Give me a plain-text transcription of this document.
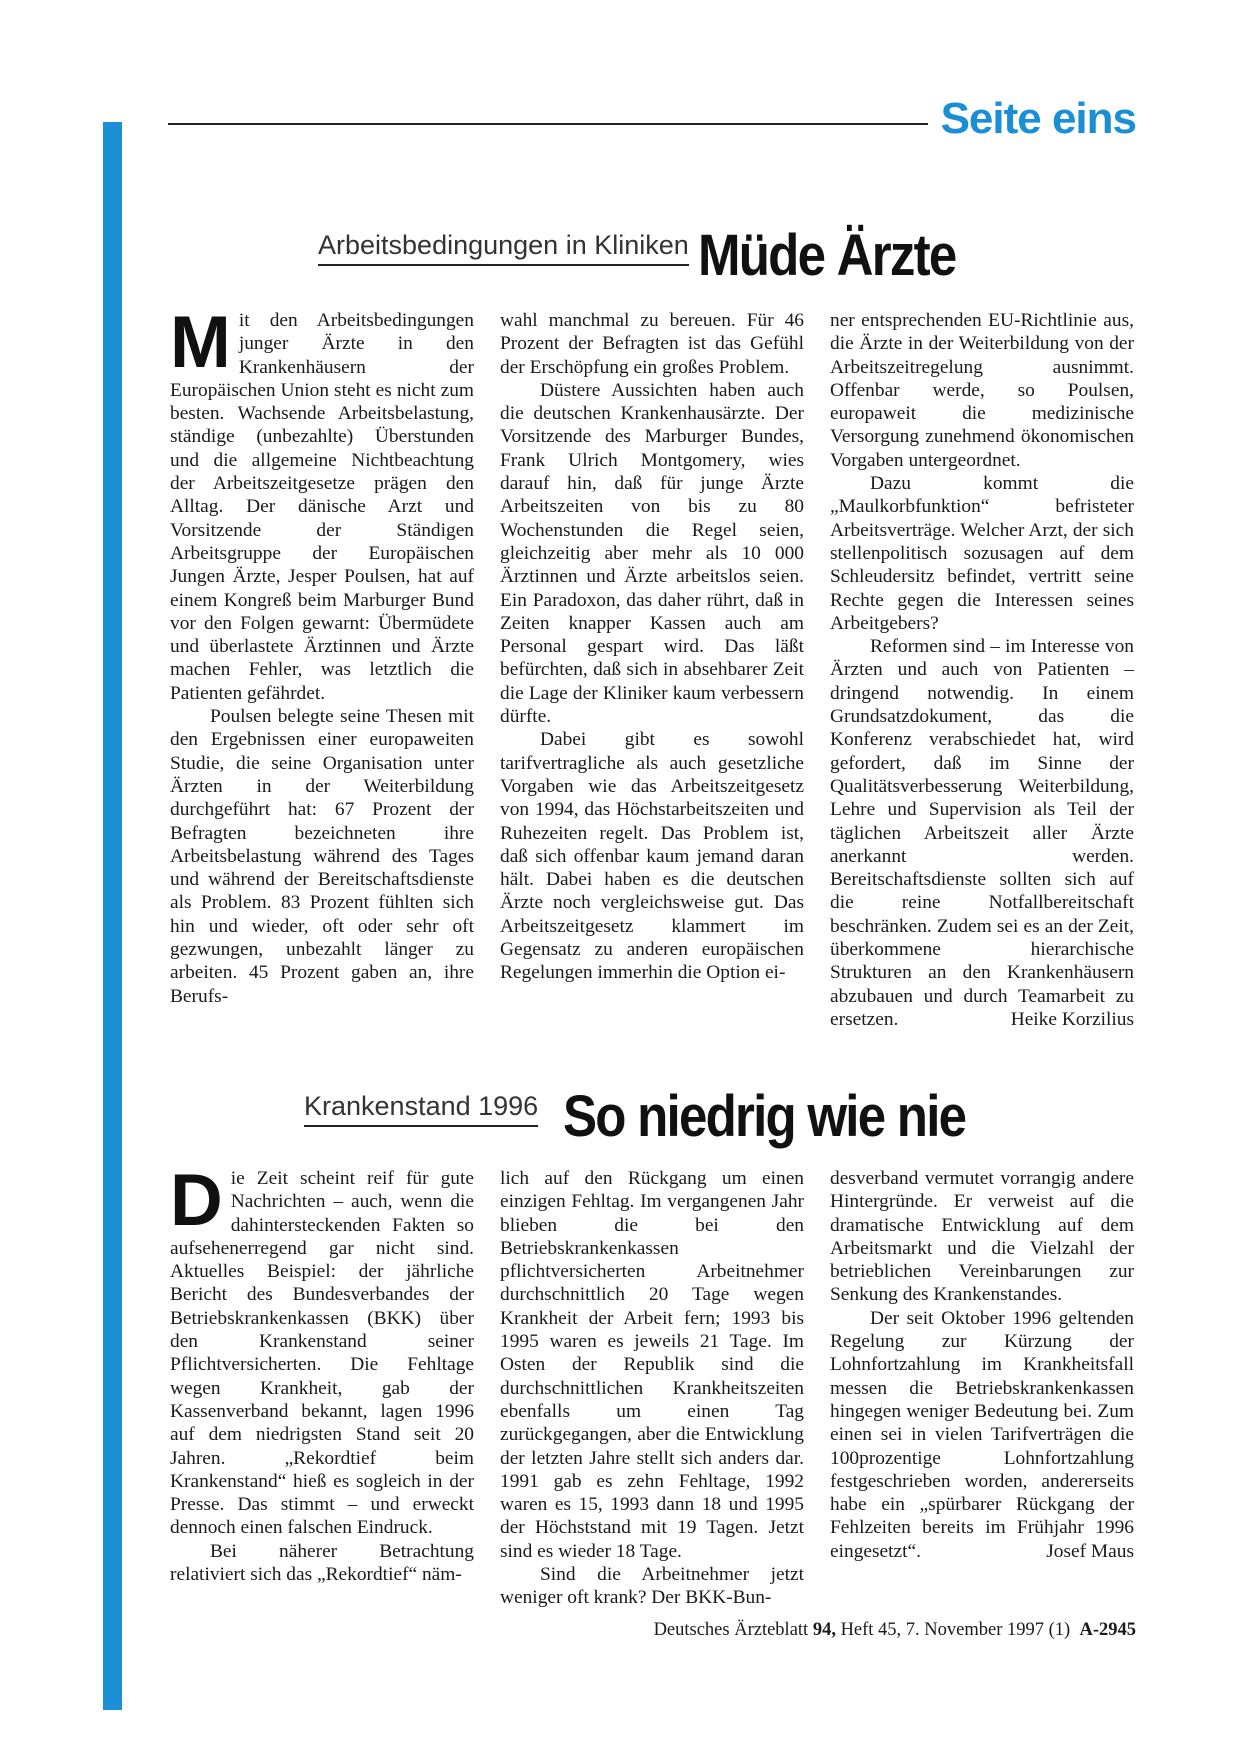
Seite eins
Arbeitsbedingungen in Kliniken Müde Ärzte

Mit den Arbeitsbedingungen junger Ärzte in den Krankenhäusern der Europäischen Union steht es nicht zum besten. Wachsende Arbeitsbelastung, ständige (unbezahlte) Überstunden und die allgemeine Nichtbeachtung der Arbeitszeitgesetze prägen den Alltag. Der dänische Arzt und Vorsitzende der Ständigen Arbeitsgruppe der Europäischen Jungen Ärzte, Jesper Poulsen, hat auf einem Kongreß beim Marburger Bund vor den Folgen gewarnt: Übermüdete und überlastete Ärztinnen und Ärzte machen Fehler, was letztlich die Patienten gefährdet.

Poulsen belegte seine Thesen mit den Ergebnissen einer europaweiten Studie, die seine Organisation unter Ärzten in der Weiterbildung durchgeführt hat: 67 Prozent der Befragten bezeichneten ihre Arbeitsbelastung während des Tages und während der Bereitschaftsdienste als Problem. 83 Prozent fühlten sich hin und wieder, oft oder sehr oft gezwungen, unbezahlt länger zu arbeiten. 45 Prozent gaben an, ihre Berufs-

wahl manchmal zu bereuen. Für 46 Prozent der Befragten ist das Gefühl der Erschöpfung ein großes Problem.

Düstere Aussichten haben auch die deutschen Krankenhausärzte. Der Vorsitzende des Marburger Bundes, Frank Ulrich Montgomery, wies darauf hin, daß für junge Ärzte Arbeitszeiten von bis zu 80 Wochenstunden die Regel seien, gleichzeitig aber mehr als 10 000 Ärztinnen und Ärzte arbeitslos seien. Ein Paradoxon, das daher rührt, daß in Zeiten knapper Kassen auch am Personal gespart wird. Das läßt befürchten, daß sich in absehbarer Zeit die Lage der Kliniker kaum verbessern dürfte.

Dabei gibt es sowohl tarifvertragliche als auch gesetzliche Vorgaben wie das Arbeitszeitgesetz von 1994, das Höchstarbeitszeiten und Ruhezeiten regelt. Das Problem ist, daß sich offenbar kaum jemand daran hält. Dabei haben es die deutschen Ärzte noch vergleichsweise gut. Das Arbeitszeitgesetz klammert im Gegensatz zu anderen europäischen Regelungen immerhin die Option ei-

ner entsprechenden EU-Richtlinie aus, die Ärzte in der Weiterbildung von der Arbeitszeitregelung ausnimmt. Offenbar werde, so Poulsen, europaweit die medizinische Versorgung zunehmend ökonomischen Vorgaben untergeordnet.

Dazu kommt die „Maulkorbfunktion“ befristeter Arbeitsverträge. Welcher Arzt, der sich stellenpolitisch sozusagen auf dem Schleudersitz befindet, vertritt seine Rechte gegen die Interessen seines Arbeitgebers?

Reformen sind – im Interesse von Ärzten und auch von Patienten – dringend notwendig. In einem Grundsatzdokument, das die Konferenz verabschiedet hat, wird gefordert, daß im Sinne der Qualitätsverbesserung Weiterbildung, Lehre und Supervision als Teil der täglichen Arbeitszeit aller Ärzte anerkannt werden. Bereitschaftsdienste sollten sich auf die reine Notfallbereitschaft beschränken. Zudem sei es an der Zeit, überkommene hierarchische Strukturen an den Krankenhäusern abzubauen und durch Teamarbeit zu ersetzen.	Heike Korzilius

Krankenstand 1996 So niedrig wie nie

Die Zeit scheint reif für gute Nachrichten – auch, wenn die dahintersteckenden Fakten so aufsehenerregend gar nicht sind. Aktuelles Beispiel: der jährliche Bericht des Bundesverbandes der Betriebskrankenkassen (BKK) über den Krankenstand seiner Pflichtversicherten. Die Fehltage wegen Krankheit, gab der Kassenverband bekannt, lagen 1996 auf dem niedrigsten Stand seit 20 Jahren. „Rekordtief beim Krankenstand“ hieß es sogleich in der Presse. Das stimmt – und erweckt dennoch einen falschen Eindruck.

Bei näherer Betrachtung relativiert sich das „Rekordtief“ näm-

lich auf den Rückgang um einen einzigen Fehltag. Im vergangenen Jahr blieben die bei den Betriebskrankenkassen pflichtversicherten Arbeitnehmer durchschnittlich 20 Tage wegen Krankheit der Arbeit fern; 1993 bis 1995 waren es jeweils 21 Tage. Im Osten der Republik sind die durchschnittlichen Krankheitszeiten ebenfalls um einen Tag zurückgegangen, aber die Entwicklung der letzten Jahre stellt sich anders dar. 1991 gab es zehn Fehltage, 1992 waren es 15, 1993 dann 18 und 1995 der Höchststand mit 19 Tagen. Jetzt sind es wieder 18 Tage.

Sind die Arbeitnehmer jetzt weniger oft krank? Der BKK-Bun-

desverband vermutet vorrangig andere Hintergründe. Er verweist auf die dramatische Entwicklung auf dem Arbeitsmarkt und die Vielzahl der betrieblichen Vereinbarungen zur Senkung des Krankenstandes.

Der seit Oktober 1996 geltenden Regelung zur Kürzung der Lohnfortzahlung im Krankheitsfall messen die Betriebskrankenkassen hingegen weniger Bedeutung bei. Zum einen sei in vielen Tarifverträgen die 100prozentige Lohnfortzahlung festgeschrieben worden, andererseits habe ein „spürbarer Rückgang der Fehlzeiten bereits im Frühjahr 1996 eingesetzt“.	Josef Maus

Deutsches Ärzteblatt 94, Heft 45, 7. November 1997 (1) A-2945
